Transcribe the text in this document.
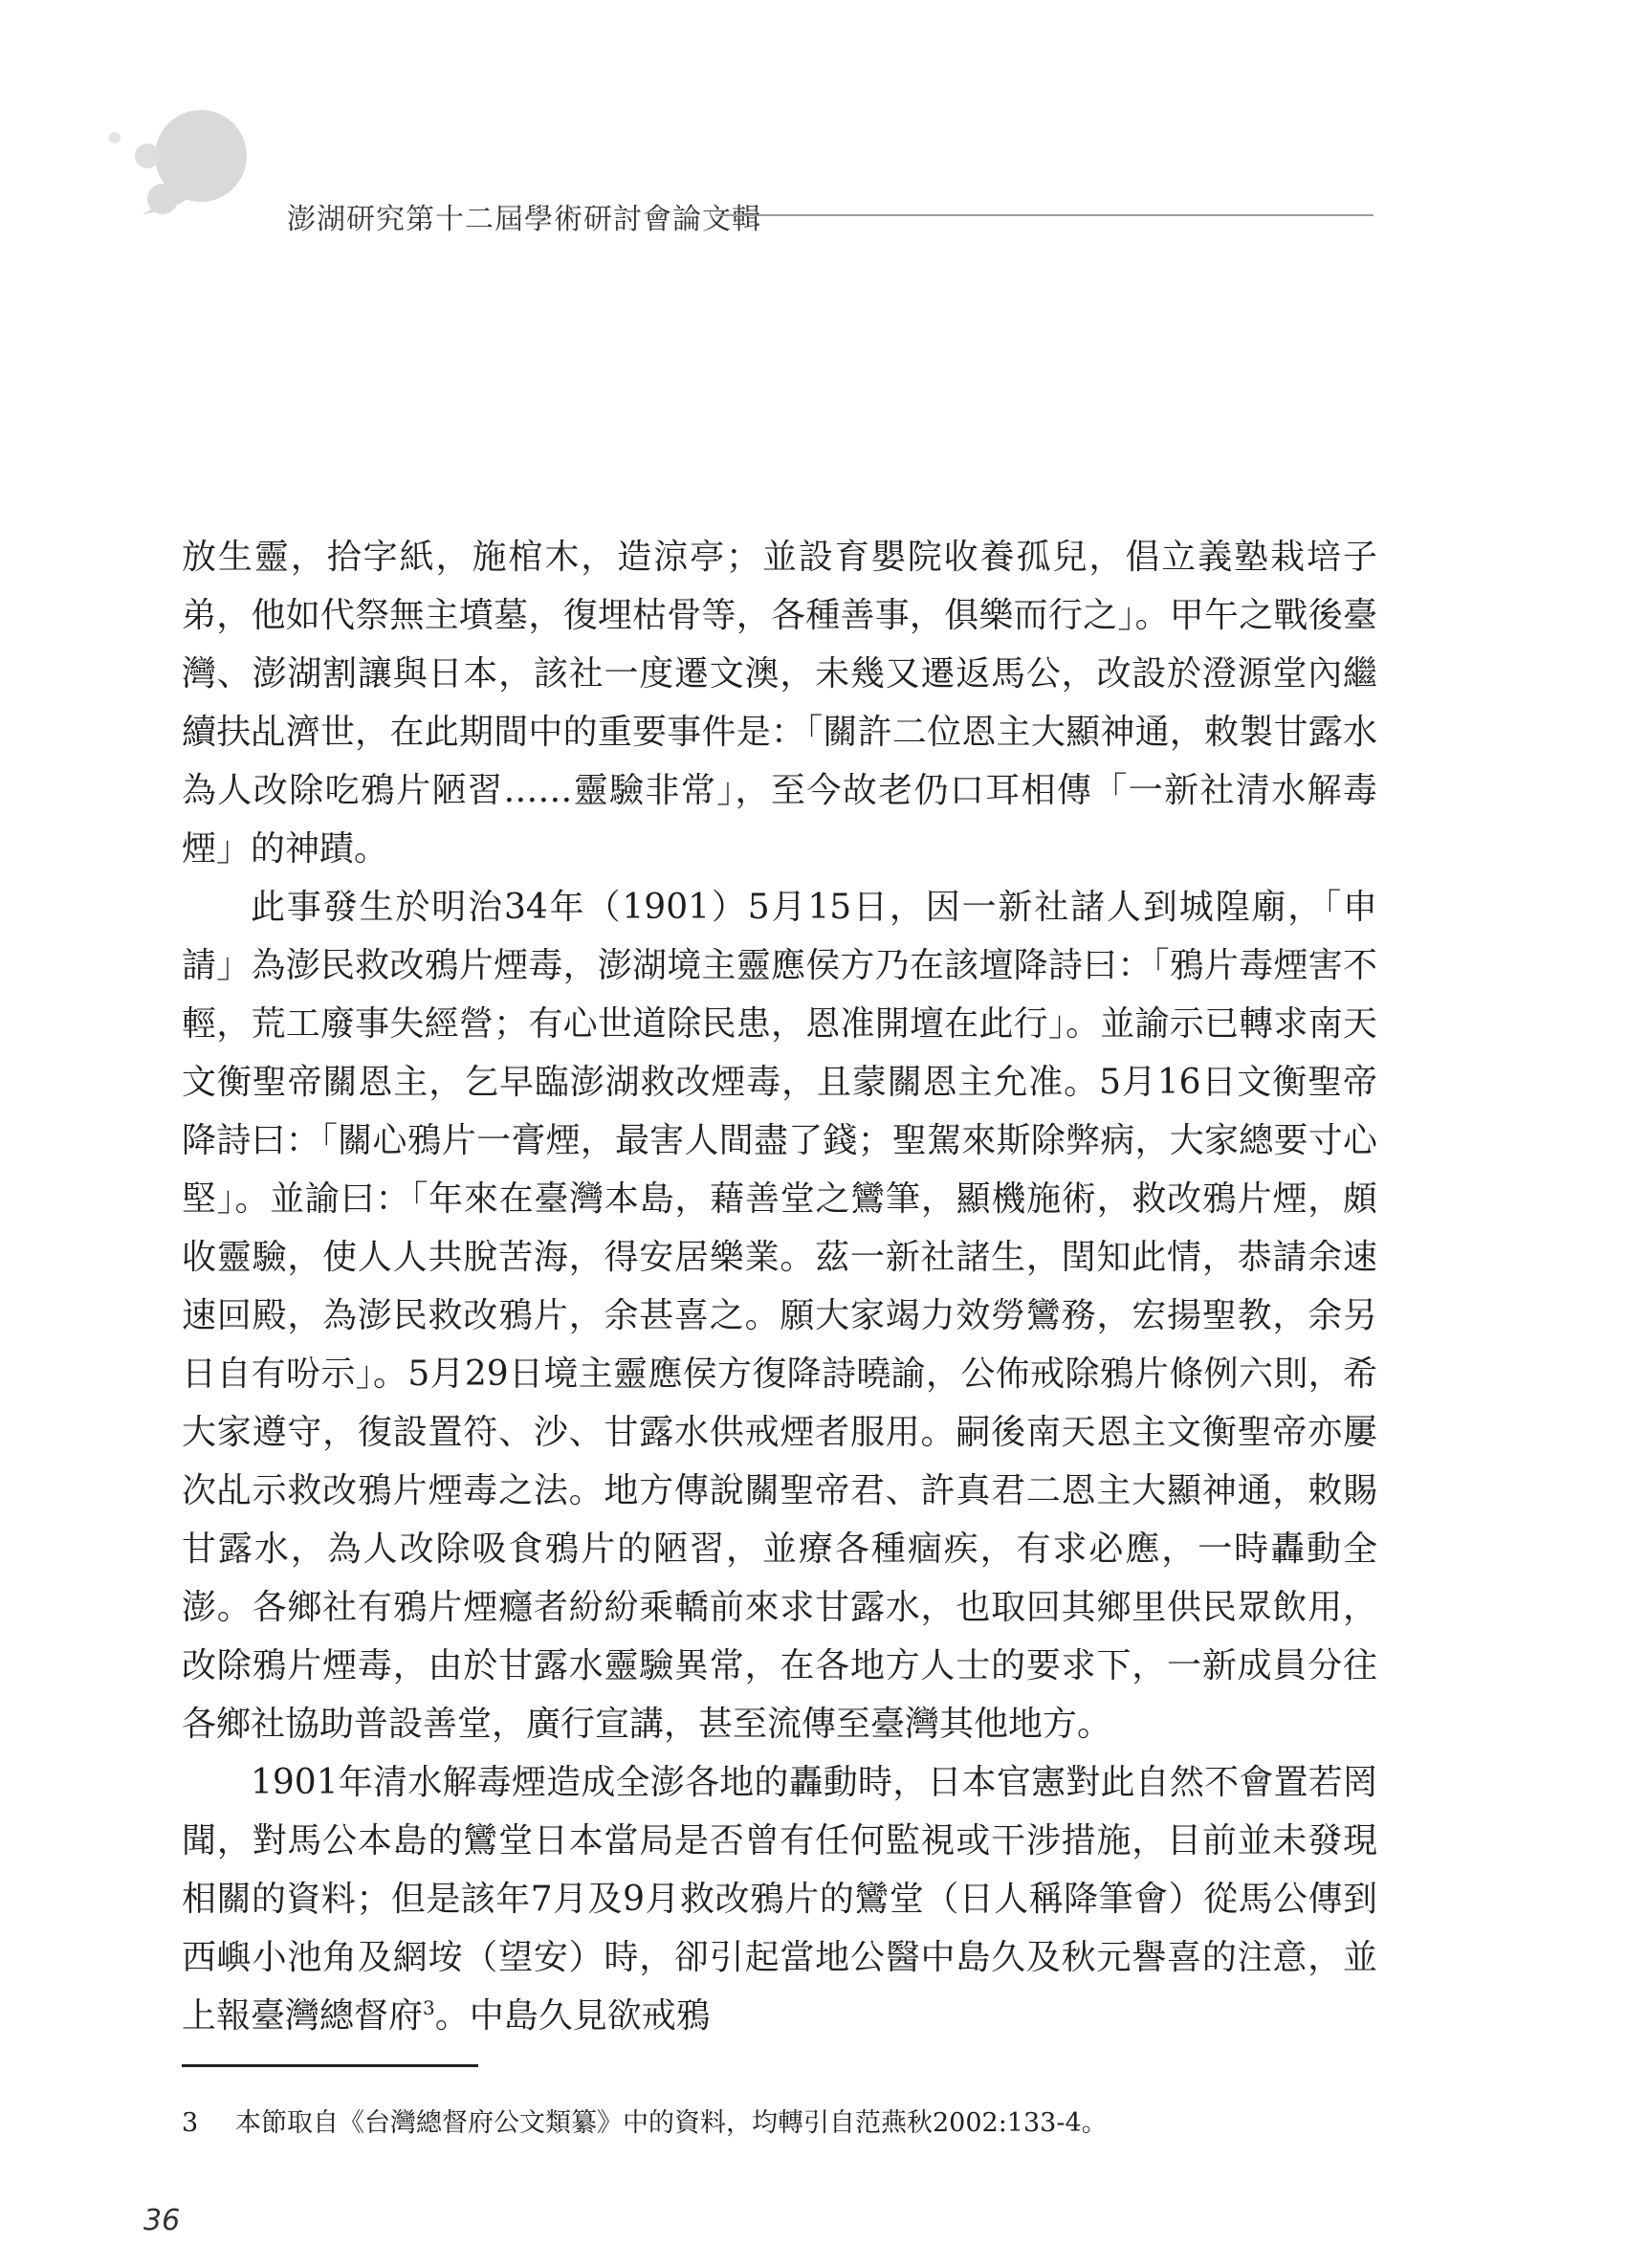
澎湖研究第十二屆學術研討會論文輯

放生靈，拾字紙，施棺木，造涼亭；並設育嬰院收養孤兒，倡立義塾栽培子弟，他如代祭無主墳墓，復埋枯骨等，各種善事，俱樂而行之」。甲午之戰後臺灣、澎湖割讓與日本，該社一度遷文澳，未幾又遷返馬公，改設於澄源堂內繼續扶乩濟世，在此期間中的重要事件是：「關許二位恩主大顯神通，敕製甘露水為人改除吃鴉片陋習……靈驗非常」，至今故老仍口耳相傳「一新社清水解毒煙」的神蹟。

此事發生於明治34年（1901）5月15日，因一新社諸人到城隍廟，「申請」為澎民救改鴉片煙毒，澎湖境主靈應侯方乃在該壇降詩曰：「鴉片毒煙害不輕，荒工廢事失經營；有心世道除民患，恩准開壇在此行」。並諭示已轉求南天文衡聖帝關恩主，乞早臨澎湖救改煙毒，且蒙關恩主允准。5月16日文衡聖帝降詩曰：「關心鴉片一膏煙，最害人間盡了錢；聖駕來斯除弊病，大家總要寸心堅」。並諭曰：「年來在臺灣本島，藉善堂之鸞筆，顯機施術，救改鴉片煙，頗收靈驗，使人人共脫苦海，得安居樂業。茲一新社諸生，閏知此情，恭請余速速回殿，為澎民救改鴉片，余甚喜之。願大家竭力效勞鸞務，宏揚聖教，余另日自有吩示」。5月29日境主靈應侯方復降詩曉諭，公佈戒除鴉片條例六則，希大家遵守，復設置符、沙、甘露水供戒煙者服用。嗣後南天恩主文衡聖帝亦屢次乩示救改鴉片煙毒之法。地方傳說關聖帝君、許真君二恩主大顯神通，敕賜甘露水，為人改除吸食鴉片的陋習，並療各種痼疾，有求必應，一時轟動全澎。各鄉社有鴉片煙癮者紛紛乘轎前來求甘露水，也取回其鄉里供民眾飲用，改除鴉片煙毒，由於甘露水靈驗異常，在各地方人士的要求下，一新成員分往各鄉社協助普設善堂，廣行宣講，甚至流傳至臺灣其他地方。

1901年清水解毒煙造成全澎各地的轟動時，日本官憲對此自然不會置若罔聞，對馬公本島的鸞堂日本當局是否曾有任何監視或干涉措施，目前並未發現相關的資料；但是該年7月及9月救改鴉片的鸞堂（日人稱降筆會）從馬公傳到西嶼小池角及網垵（望安）時，卻引起當地公醫中島久及秋元譽喜的注意，並上報臺灣總督府$^3$。中島久見欲戒鴉

3 本節取自《台灣總督府公文類纂》中的資料，均轉引自范燕秋2002:133-4。
36
